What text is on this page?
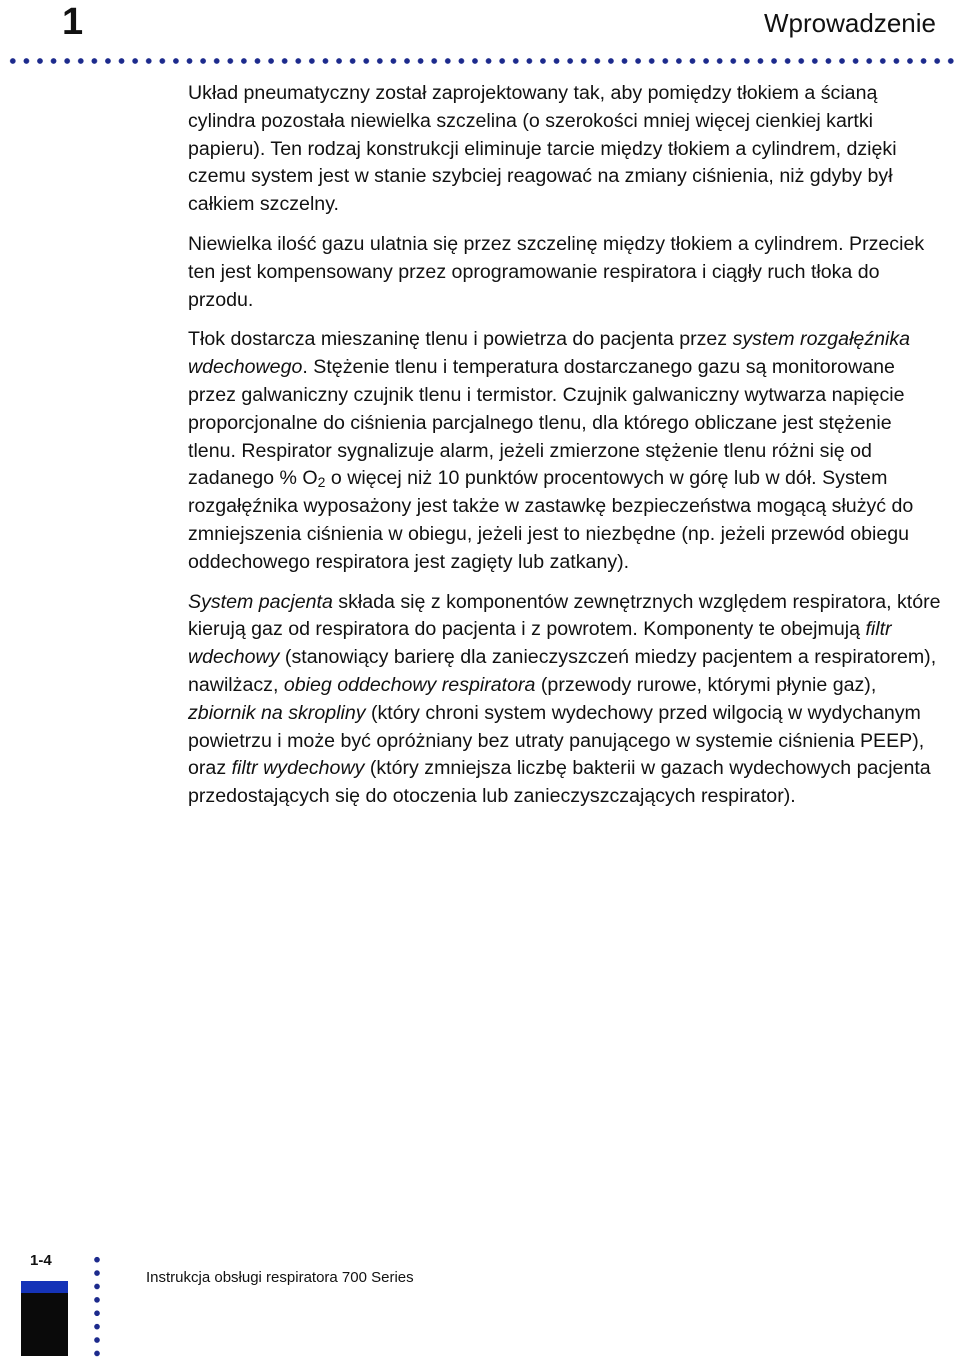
1	Wprowadzenie

Układ pneumatyczny został zaprojektowany tak, aby pomiędzy tłokiem a ścianą cylindra pozostała niewielka szczelina (o szerokości mniej więcej cienkiej kartki papieru). Ten rodzaj konstrukcji eliminuje tarcie między tłokiem a cylindrem, dzięki czemu system jest w stanie szybciej reagować na zmiany ciśnienia, niż gdyby był całkiem szczelny.

Niewielka ilość gazu ulatnia się przez szczelinę między tłokiem a cylindrem. Przeciek ten jest kompensowany przez oprogramowanie respiratora i ciągły ruch tłoka do przodu.

Tłok dostarcza mieszaninę tlenu i powietrza do pacjenta przez system rozgałęźnika wdechowego. Stężenie tlenu i temperatura dostarczanego gazu są monitorowane przez galwaniczny czujnik tlenu i termistor. Czujnik galwaniczny wytwarza napięcie proporcjonalne do ciśnienia parcjalnego tlenu, dla którego obliczane jest stężenie tlenu. Respirator sygnalizuje alarm, jeżeli zmierzone stężenie tlenu różni się od zadanego % $O_2$ o więcej niż 10 punktów procentowych w górę lub w dół. System rozgałęźnika wyposażony jest także w zastawkę bezpieczeństwa mogącą służyć do zmniejszenia ciśnienia w obiegu, jeżeli jest to niezbędne (np. jeżeli przewód obiegu oddechowego respiratora jest zagięty lub zatkany).

System pacjenta składa się z komponentów zewnętrznych względem respiratora, które kierują gaz od respiratora do pacjenta i z powrotem. Komponenty te obejmują filtr wdechowy (stanowiący barierę dla zanieczyszczeń miedzy pacjentem a respiratorem), nawilżacz, obieg oddechowy respiratora (przewody rurowe, którymi płynie gaz), zbiornik na skropliny (który chroni system wydechowy przed wilgocią w wydychanym powietrzu i może być opróżniany bez utraty panującego w systemie ciśnienia PEEP), oraz filtr wydechowy (który zmniejsza liczbę bakterii w gazach wydechowych pacjenta przedostających się do otoczenia lub zanieczyszczających respirator).

1-4
Instrukcja obsługi respiratora 700 Series
